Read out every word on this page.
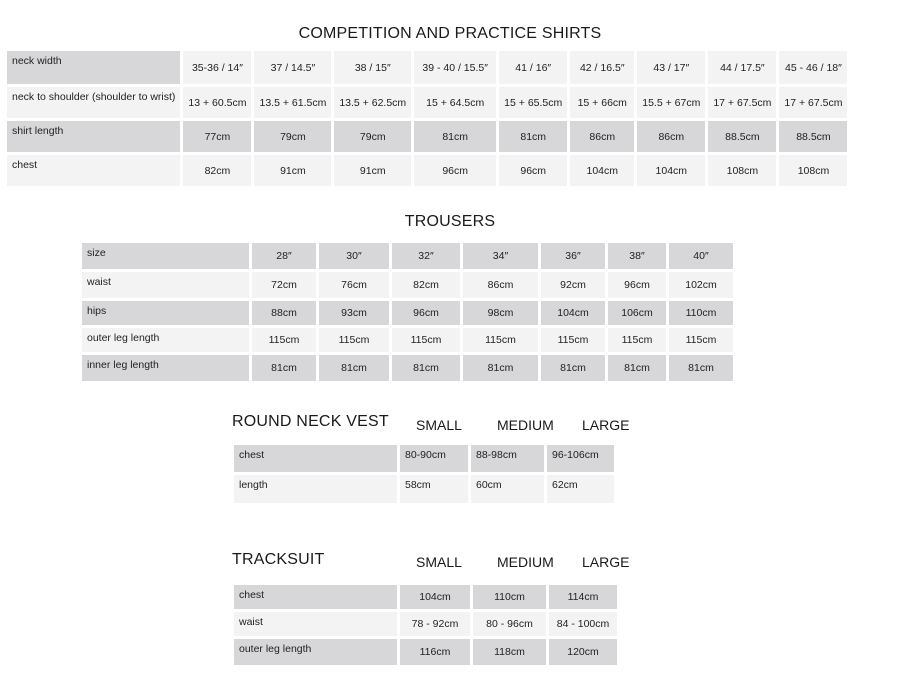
COMPETITION AND PRACTICE SHIRTS
neck width	35-36 / 14″	37 / 14.5″	38 / 15″	39 - 40 / 15.5″	41 / 16″	42 / 16.5″	43 / 17″	44 / 17.5″	45 - 46 / 18″
neck to shoulder (shoulder to wrist)	13 + 60.5cm	13.5 + 61.5cm	13.5 + 62.5cm	15 + 64.5cm	15 + 65.5cm	15 + 66cm	15.5 + 67cm	17 + 67.5cm	17 + 67.5cm
shirt length	77cm	79cm	79cm	81cm	81cm	86cm	86cm	88.5cm	88.5cm
chest	82cm	91cm	91cm	96cm	96cm	104cm	104cm	108cm	108cm
TROUSERS
size	28″	30″	32″	34″	36″	38″	40″
waist	72cm	76cm	82cm	86cm	92cm	96cm	102cm
hips	88cm	93cm	96cm	98cm	104cm	106cm	110cm
outer leg length	115cm	115cm	115cm	115cm	115cm	115cm	115cm
inner leg length	81cm	81cm	81cm	81cm	81cm	81cm	81cm
ROUND NECK VEST SMALL	MEDIUM LARGE
chest	80-90cm	88-98cm	96-106cm
length	58cm	60cm	62cm
TRACKSUIT	SMALL	MEDIUM LARGE
chest	104cm	110cm	114cm
waist	78 - 92cm	80 - 96cm	84 - 100cm
outer leg length	116cm	118cm	120cm
